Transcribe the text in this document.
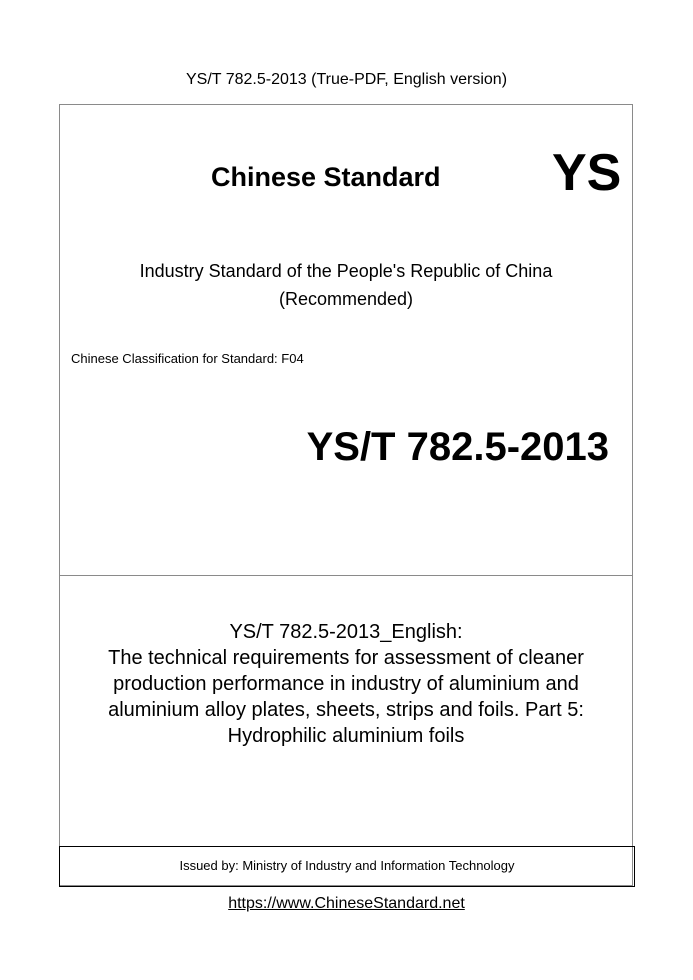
YS/T 782.5-2013 (True-PDF, English version)
Chinese Standard YS
Industry Standard of the People's Republic of China
(Recommended)
Chinese Classification for Standard: F04
YS/T 782.5-2013
YS/T 782.5-2013_English:
The technical requirements for assessment of cleaner
production performance in industry of aluminium and
aluminium alloy plates, sheets, strips and foils. Part 5:
Hydrophilic aluminium foils
Issued by: Ministry of Industry and Information Technology
https://www.ChineseStandard.net
